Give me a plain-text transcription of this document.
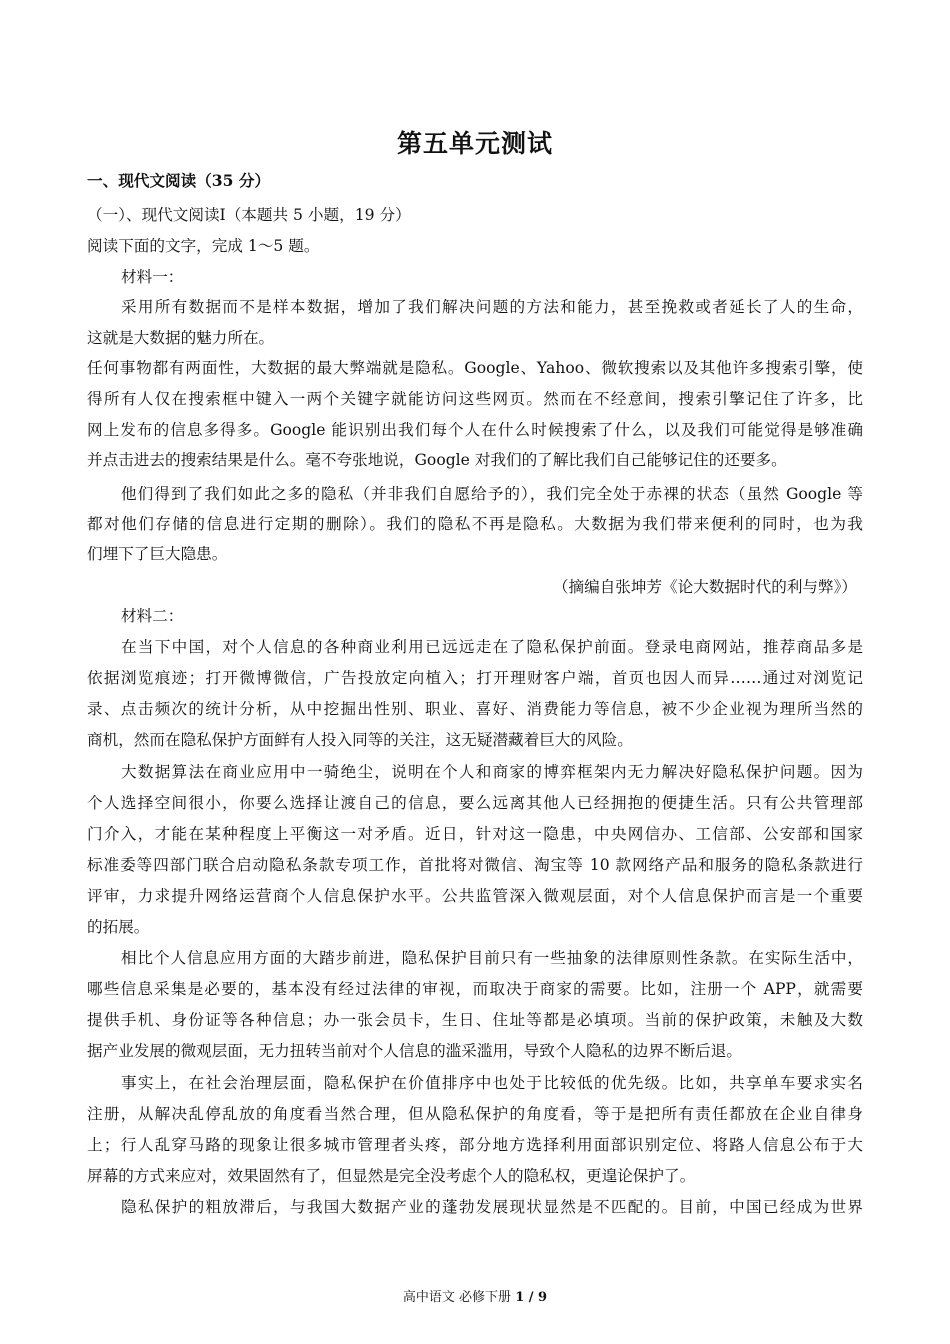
第五单元测试
一、现代文阅读（35 分）
（一）、现代文阅读Ⅰ（本题共 5 小题，19 分）
阅读下面的文字，完成 1～5 题。
材料一：
采用所有数据而不是样本数据，增加了我们解决问题的方法和能力，甚至挽救或者延长了人的生命，
这就是大数据的魅力所在。
任何事物都有两面性，大数据的最大弊端就是隐私。Google、Yahoo、微软搜索以及其他许多搜索引擎，使
得所有人仅在搜索框中键入一两个关键字就能访问这些网页。然而在不经意间，搜索引擎记住了许多，比
网上发布的信息多得多。Google 能识别出我们每个人在什么时候搜索了什么，以及我们可能觉得是够准确
并点击进去的搜索结果是什么。毫不夸张地说，Google 对我们的了解比我们自己能够记住的还要多。
他们得到了我们如此之多的隐私（并非我们自愿给予的），我们完全处于赤裸的状态（虽然 Google 等
都对他们存储的信息进行定期的删除）。我们的隐私不再是隐私。大数据为我们带来便利的同时，也为我
们埋下了巨大隐患。
（摘编自张坤芳《论大数据时代的利与弊》）
材料二：
在当下中国，对个人信息的各种商业利用已远远走在了隐私保护前面。登录电商网站，推荐商品多是
依据浏览痕迹；打开微博微信，广告投放定向植入；打开理财客户端，首页也因人而异……通过对浏览记
录、点击频次的统计分析，从中挖掘出性别、职业、喜好、消费能力等信息，被不少企业视为理所当然的
商机，然而在隐私保护方面鲜有人投入同等的关注，这无疑潜藏着巨大的风险。
大数据算法在商业应用中一骑绝尘，说明在个人和商家的博弈框架内无力解决好隐私保护问题。因为
个人选择空间很小，你要么选择让渡自己的信息，要么远离其他人已经拥抱的便捷生活。只有公共管理部
门介入，才能在某种程度上平衡这一对矛盾。近日，针对这一隐患，中央网信办、工信部、公安部和国家
标准委等四部门联合启动隐私条款专项工作，首批将对微信、淘宝等 10 款网络产品和服务的隐私条款进行
评审，力求提升网络运营商个人信息保护水平。公共监管深入微观层面，对个人信息保护而言是一个重要
的拓展。
相比个人信息应用方面的大踏步前进，隐私保护目前只有一些抽象的法律原则性条款。在实际生活中，
哪些信息采集是必要的，基本没有经过法律的审视，而取决于商家的需要。比如，注册一个 APP，就需要
提供手机、身份证等各种信息；办一张会员卡，生日、住址等都是必填项。当前的保护政策，未触及大数
据产业发展的微观层面，无力扭转当前对个人信息的滥采滥用，导致个人隐私的边界不断后退。
事实上，在社会治理层面，隐私保护在价值排序中也处于比较低的优先级。比如，共享单车要求实名
注册，从解决乱停乱放的角度看当然合理，但从隐私保护的角度看，等于是把所有责任都放在企业自律身
上；行人乱穿马路的现象让很多城市管理者头疼，部分地方选择利用面部识别定位、将路人信息公布于大
屏幕的方式来应对，效果固然有了，但显然是完全没考虑个人的隐私权，更遑论保护了。
隐私保护的粗放滞后，与我国大数据产业的蓬勃发展现状显然是不匹配的。目前，中国已经成为世界
高中语文 必修下册 1 / 9
